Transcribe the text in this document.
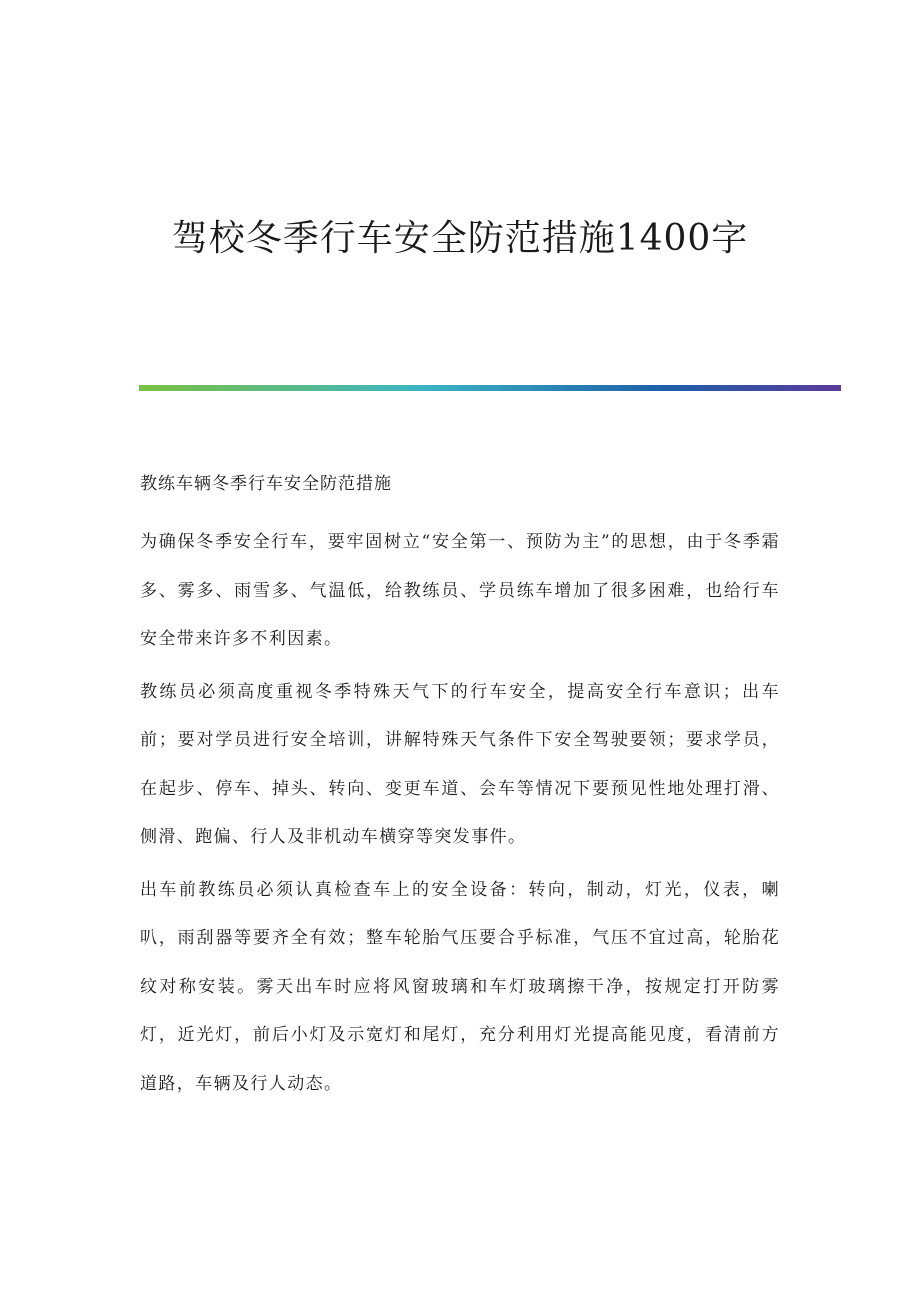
驾校冬季行车安全防范措施1400字

教练车辆冬季行车安全防范措施

为确保冬季安全行车，要牢固树立“安全第一、预防为主”的思想，由于冬季霜多、雾多、雨雪多、气温低，给教练员、学员练车增加了很多困难，也给行车安全带来许多不利因素。

教练员必须高度重视冬季特殊天气下的行车安全，提高安全行车意识；出车前；要对学员进行安全培训，讲解特殊天气条件下安全驾驶要领；要求学员，在起步、停车、掉头、转向、变更车道、会车等情况下要预见性地处理打滑、侧滑、跑偏、行人及非机动车横穿等突发事件。

出车前教练员必须认真检查车上的安全设备：转向，制动，灯光，仪表，喇叭，雨刮器等要齐全有效；整车轮胎气压要合乎标准，气压不宜过高，轮胎花纹对称安装。雾天出车时应将风窗玻璃和车灯玻璃擦干净，按规定打开防雾灯，近光灯，前后小灯及示宽灯和尾灯，充分利用灯光提高能见度，看清前方道路，车辆及行人动态。
